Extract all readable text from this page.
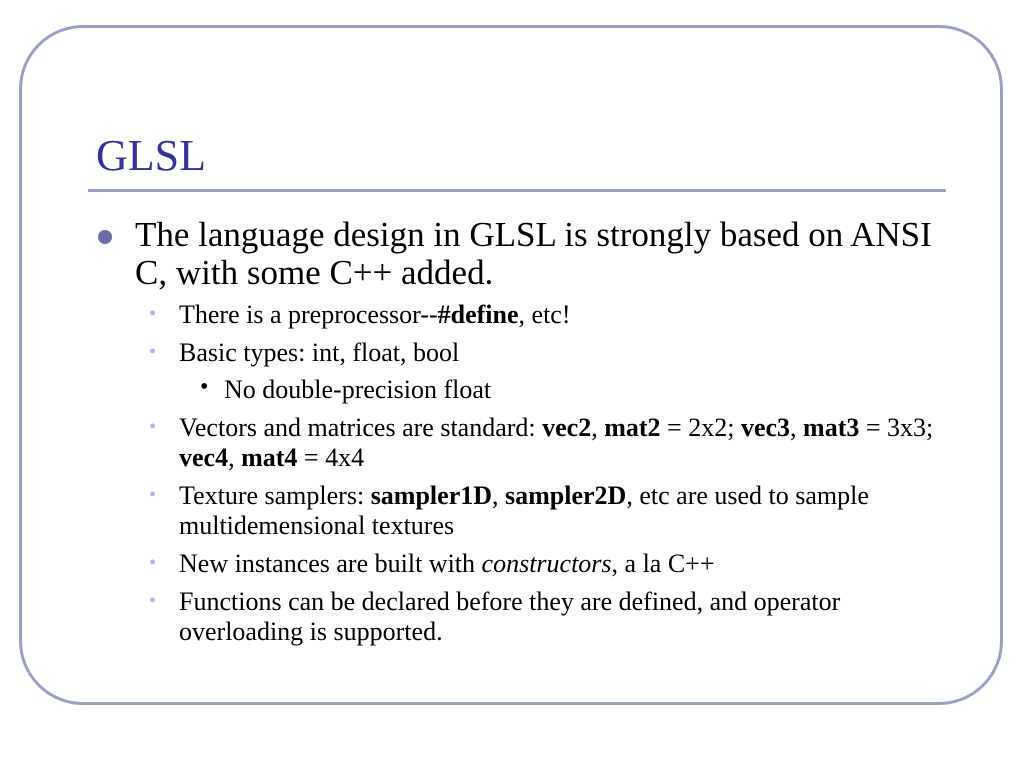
GLSL
The language design in GLSL is strongly based on ANSI C, with some C++ added.
• There is a preprocessor--#define, etc!
• Basic types: int, float, bool
• No double-precision float
• Vectors and matrices are standard: vec2, mat2 = 2x2; vec3, mat3 = 3x3; vec4, mat4 = 4x4
• Texture samplers: sampler1D, sampler2D, etc are used to sample multidemensional textures
• New instances are built with constructors, a la C++
• Functions can be declared before they are defined, and operator overloading is supported.
